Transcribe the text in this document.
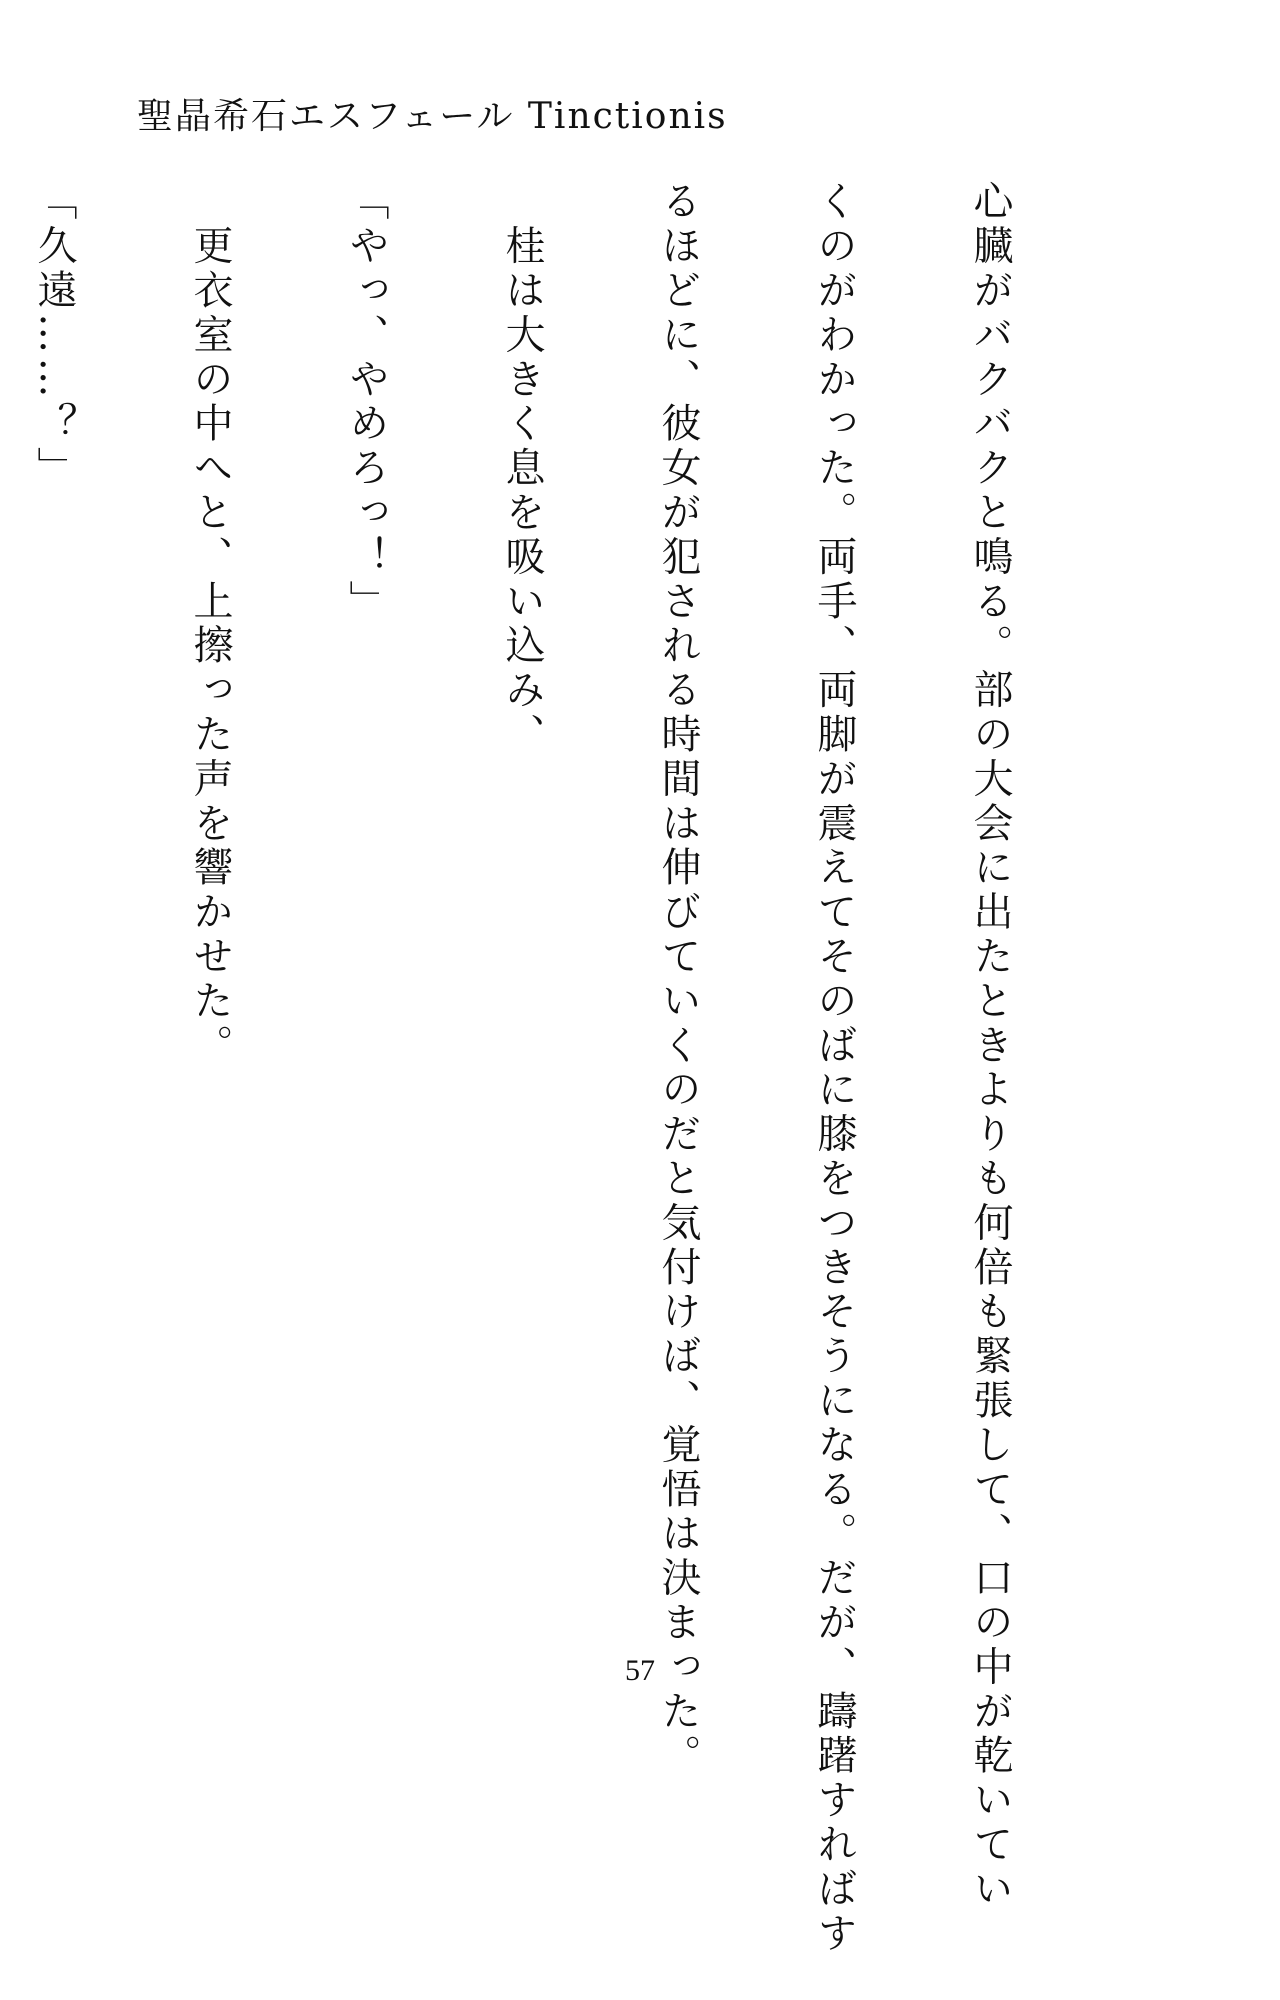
聖晶希石エスフェール Tinctionis

心臓がバクバクと鳴る。部の大会に出たときよりも何倍も緊張して、口の中が乾いてい

くのがわかった。両手、両脚が震えてそのばに膝をつきそうになる。だが、躊躇すればす

るほどに、彼女が犯される時間は伸びていくのだと気付けば、覚悟は決まった。

　桂は大きく息を吸い込み、

「やっ、やめろっ！」

　更衣室の中へと、上擦った声を響かせた。

「久遠……？」

57
